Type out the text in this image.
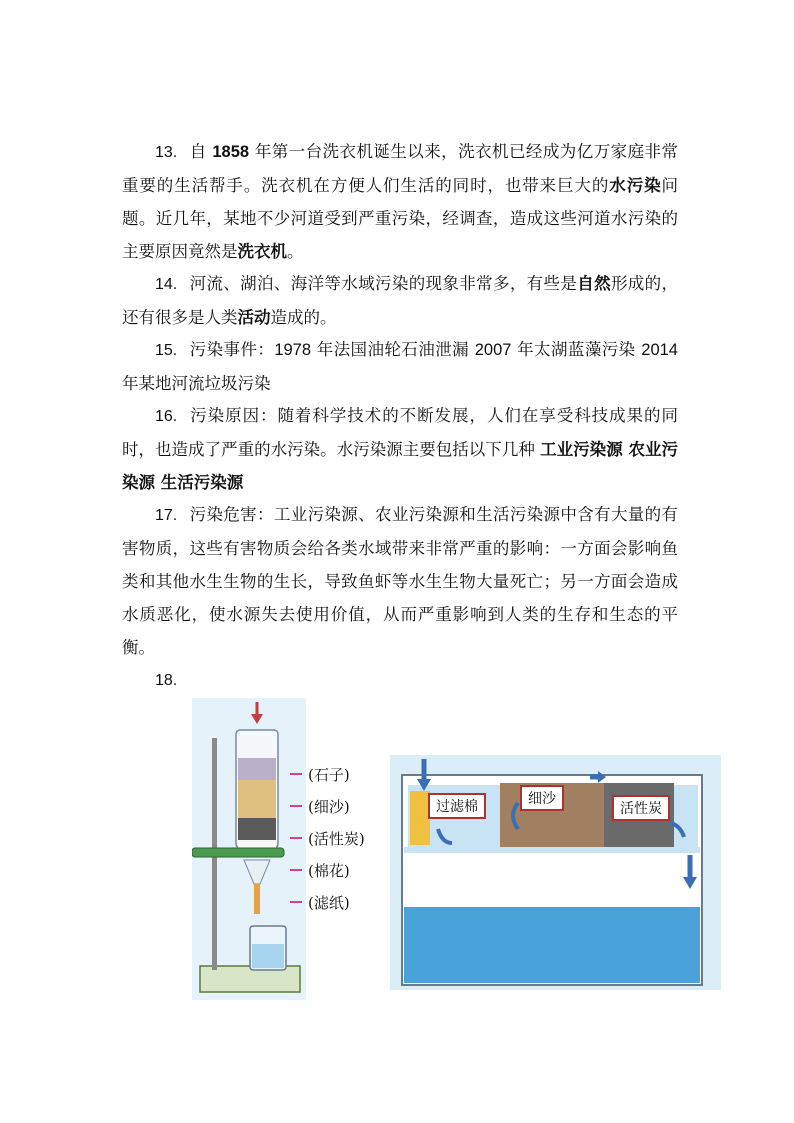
13. 自 1858 年第一台洗衣机诞生以来，洗衣机已经成为亿万家庭非常重要的生活帮手。洗衣机在方便人们生活的同时，也带来巨大的水污染问题。近几年，某地不少河道受到严重污染，经调查，造成这些河道水污染的主要原因竟然是洗衣机。

14. 河流、湖泊、海洋等水域污染的现象非常多，有些是自然形成的，还有很多是人类活动造成的。

15. 污染事件：1978 年法国油轮石油泄漏 2007 年太湖蓝藻污染 2014 年某地河流垃圾污染

16. 污染原因：随着科学技术的不断发展，人们在享受科技成果的同时，也造成了严重的水污染。水污染源主要包括以下几种 工业污染源 农业污染源 生活污染源

17. 污染危害：工业污染源、农业污染源和生活污染源中含有大量的有害物质，这些有害物质会给各类水域带来非常严重的影响：一方面会影响鱼类和其他水生生物的生长，导致鱼虾等水生生物大量死亡；另一方面会造成水质恶化，使水源失去使用价值，从而严重影响到人类的生存和生态的平衡。

18.

(石子)
(细沙)
(活性炭)
(棉花)
(滤纸)
过滤棉	细沙
活性炭
